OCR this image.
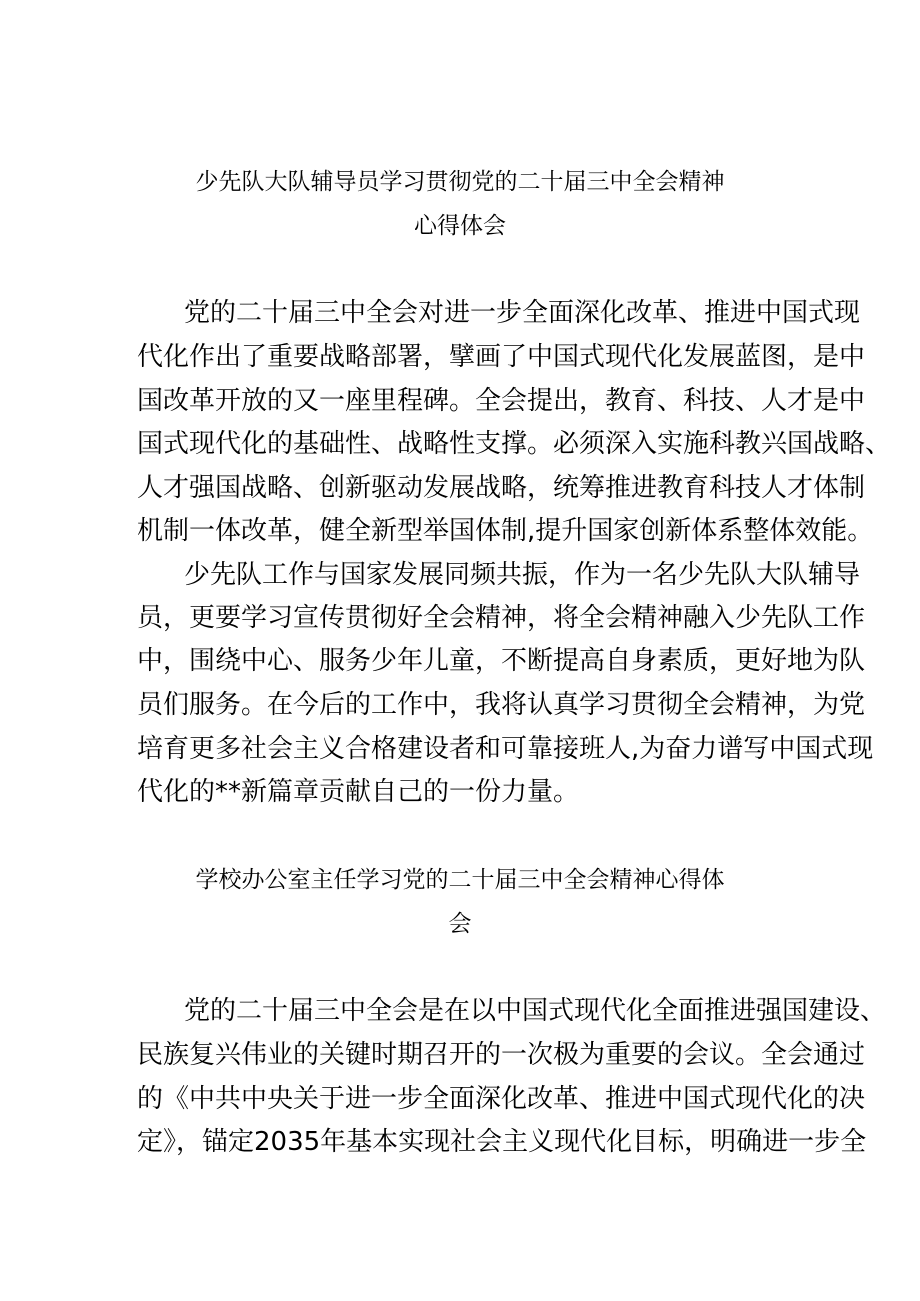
少先队大队辅导员学习贯彻党的二十届三中全会精神
心得体会
党的二十届三中全会对进一步全面深化改革、推进中国式现
代化作出了重要战略部署，擘画了中国式现代化发展蓝图，是中
国改革开放的又一座里程碑。全会提出，教育、科技、人才是中
国式现代化的基础性、战略性支撑。必须深入实施科教兴国战略、
人才强国战略、创新驱动发展战略，统筹推进教育科技人才体制
机制一体改革，健全新型举国体制,提升国家创新体系整体效能。
少先队工作与国家发展同频共振，作为一名少先队大队辅导
员，更要学习宣传贯彻好全会精神，将全会精神融入少先队工作
中，围绕中心、服务少年儿童，不断提高自身素质，更好地为队
员们服务。在今后的工作中，我将认真学习贯彻全会精神，为党
培育更多社会主义合格建设者和可靠接班人,为奋力谱写中国式现
代化的**新篇章贡献自己的一份力量。
学校办公室主任学习党的二十届三中全会精神心得体
会
党的二十届三中全会是在以中国式现代化全面推进强国建设、
民族复兴伟业的关键时期召开的一次极为重要的会议。全会通过
的《中共中央关于进一步全面深化改革、推进中国式现代化的决
定》，锚定2035年基本实现社会主义现代化目标，明确进一步全
